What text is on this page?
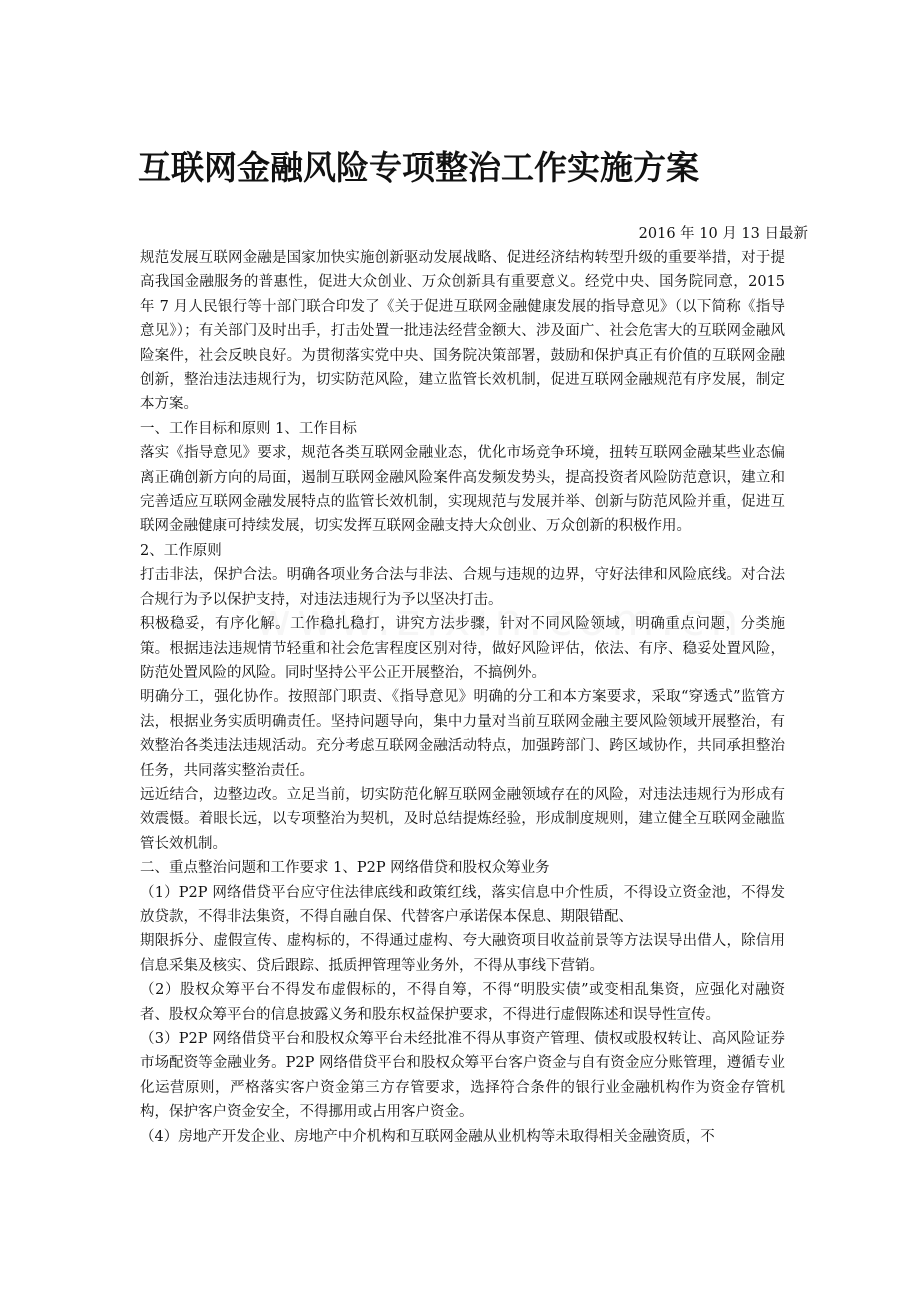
互联网金融风险专项整治工作实施方案
2016 年 10 月 13 日最新

规范发展互联网金融是国家加快实施创新驱动发展战略、促进经济结构转型升级的重要举措，对于提高我国金融服务的普惠性，促进大众创业、万众创新具有重要意义。经党中央、国务院同意，2015 年 7 月人民银行等十部门联合印发了《关于促进互联网金融健康发展的指导意见》（以下简称《指导意见》）；有关部门及时出手，打击处置一批违法经营金额大、涉及面广、社会危害大的互联网金融风险案件，社会反映良好。为贯彻落实党中央、国务院决策部署，鼓励和保护真正有价值的互联网金融创新，整治违法违规行为，切实防范风险，建立监管长效机制，促进互联网金融规范有序发展，制定本方案。

一、工作目标和原则 1、工作目标

落实《指导意见》要求，规范各类互联网金融业态，优化市场竞争环境，扭转互联网金融某些业态偏离正确创新方向的局面，遏制互联网金融风险案件高发频发势头，提高投资者风险防范意识，建立和完善适应互联网金融发展特点的监管长效机制，实现规范与发展并举、创新与防范风险并重，促进互联网金融健康可持续发展，切实发挥互联网金融支持大众创业、万众创新的积极作用。

2、工作原则

打击非法，保护合法。明确各项业务合法与非法、合规与违规的边界，守好法律和风险底线。对合法合规行为予以保护支持，对违法违规行为予以坚决打击。

积极稳妥，有序化解。工作稳扎稳打，讲究方法步骤，针对不同风险领域，明确重点问题，分类施策。根据违法违规情节轻重和社会危害程度区别对待，做好风险评估，依法、有序、稳妥处置风险，防范处置风险的风险。同时坚持公平公正开展整治，不搞例外。

明确分工，强化协作。按照部门职责、《指导意见》明确的分工和本方案要求，采取“穿透式”监管方法，根据业务实质明确责任。坚持问题导向，集中力量对当前互联网金融主要风险领域开展整治，有效整治各类违法违规活动。充分考虑互联网金融活动特点，加强跨部门、跨区域协作，共同承担整治任务，共同落实整治责任。

远近结合，边整边改。立足当前，切实防范化解互联网金融领域存在的风险，对违法违规行为形成有效震慑。着眼长远，以专项整治为契机，及时总结提炼经验，形成制度规则，建立健全互联网金融监管长效机制。

二、重点整治问题和工作要求 1、P2P 网络借贷和股权众筹业务

（1）P2P 网络借贷平台应守住法律底线和政策红线，落实信息中介性质，不得设立资金池，不得发放贷款，不得非法集资，不得自融自保、代替客户承诺保本保息、期限错配、

期限拆分、虚假宣传、虚构标的，不得通过虚构、夸大融资项目收益前景等方法误导出借人，除信用信息采集及核实、贷后跟踪、抵质押管理等业务外，不得从事线下营销。

（2）股权众筹平台不得发布虚假标的，不得自筹，不得“明股实债”或变相乱集资，应强化对融资者、股权众筹平台的信息披露义务和股东权益保护要求，不得进行虚假陈述和误导性宣传。

（3）P2P 网络借贷平台和股权众筹平台未经批准不得从事资产管理、债权或股权转让、高风险证券市场配资等金融业务。P2P 网络借贷平台和股权众筹平台客户资金与自有资金应分账管理，遵循专业化运营原则，严格落实客户资金第三方存管要求，选择符合条件的银行业金融机构作为资金存管机构，保护客户资金安全，不得挪用或占用客户资金。

（4）房地产开发企业、房地产中介机构和互联网金融从业机构等未取得相关金融资质，不
